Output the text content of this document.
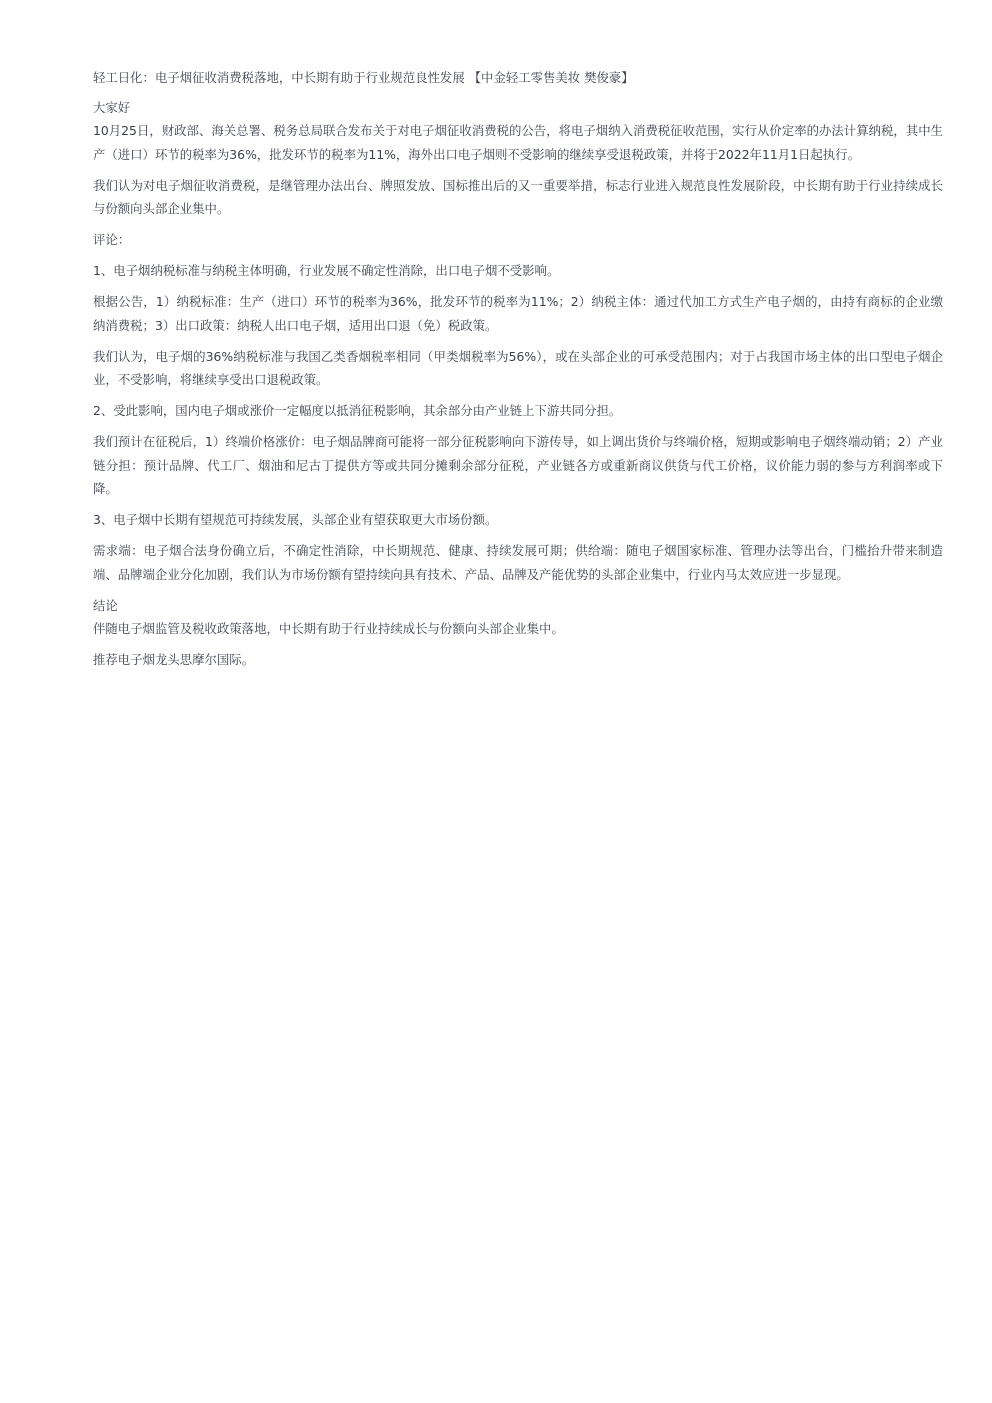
轻工日化：电子烟征收消费税落地，中长期有助于行业规范良性发展 【中金轻工零售美妆 樊俊豪】

大家好

10月25日，财政部、海关总署、税务总局联合发布关于对电子烟征收消费税的公告，将电子烟纳入消费税征收范围，实行从价定率的办法计算纳税，其中生产（进口）环节的税率为36%，批发环节的税率为11%，海外出口电子烟则不受影响的继续享受退税政策，并将于2022年11月1日起执行。

我们认为对电子烟征收消费税，是继管理办法出台、牌照发放、国标推出后的又一重要举措，标志行业进入规范良性发展阶段，中长期有助于行业持续成长与份额向头部企业集中。

评论：

1、电子烟纳税标准与纳税主体明确，行业发展不确定性消除，出口电子烟不受影响。

根据公告，1）纳税标准：生产（进口）环节的税率为36%，批发环节的税率为11%；2）纳税主体：通过代加工方式生产电子烟的，由持有商标的企业缴纳消费税；3）出口政策：纳税人出口电子烟，适用出口退（免）税政策。

我们认为，电子烟的36%纳税标准与我国乙类香烟税率相同（甲类烟税率为56%），或在头部企业的可承受范围内；对于占我国市场主体的出口型电子烟企业，不受影响，将继续享受出口退税政策。

2、受此影响，国内电子烟或涨价一定幅度以抵消征税影响，其余部分由产业链上下游共同分担。

我们预计在征税后，1）终端价格涨价：电子烟品牌商可能将一部分征税影响向下游传导，如上调出货价与终端价格，短期或影响电子烟终端动销；2）产业链分担：预计品牌、代工厂、烟油和尼古丁提供方等或共同分摊剩余部分征税，产业链各方或重新商议供货与代工价格，议价能力弱的参与方利润率或下降。

3、电子烟中长期有望规范可持续发展，头部企业有望获取更大市场份额。

需求端：电子烟合法身份确立后，不确定性消除，中长期规范、健康、持续发展可期；供给端：随电子烟国家标准、管理办法等出台，门槛抬升带来制造端、品牌端企业分化加剧，我们认为市场份额有望持续向具有技术、产品、品牌及产能优势的头部企业集中，行业内马太效应进一步显现。

结论

伴随电子烟监管及税收政策落地，中长期有助于行业持续成长与份额向头部企业集中。

推荐电子烟龙头思摩尔国际。
